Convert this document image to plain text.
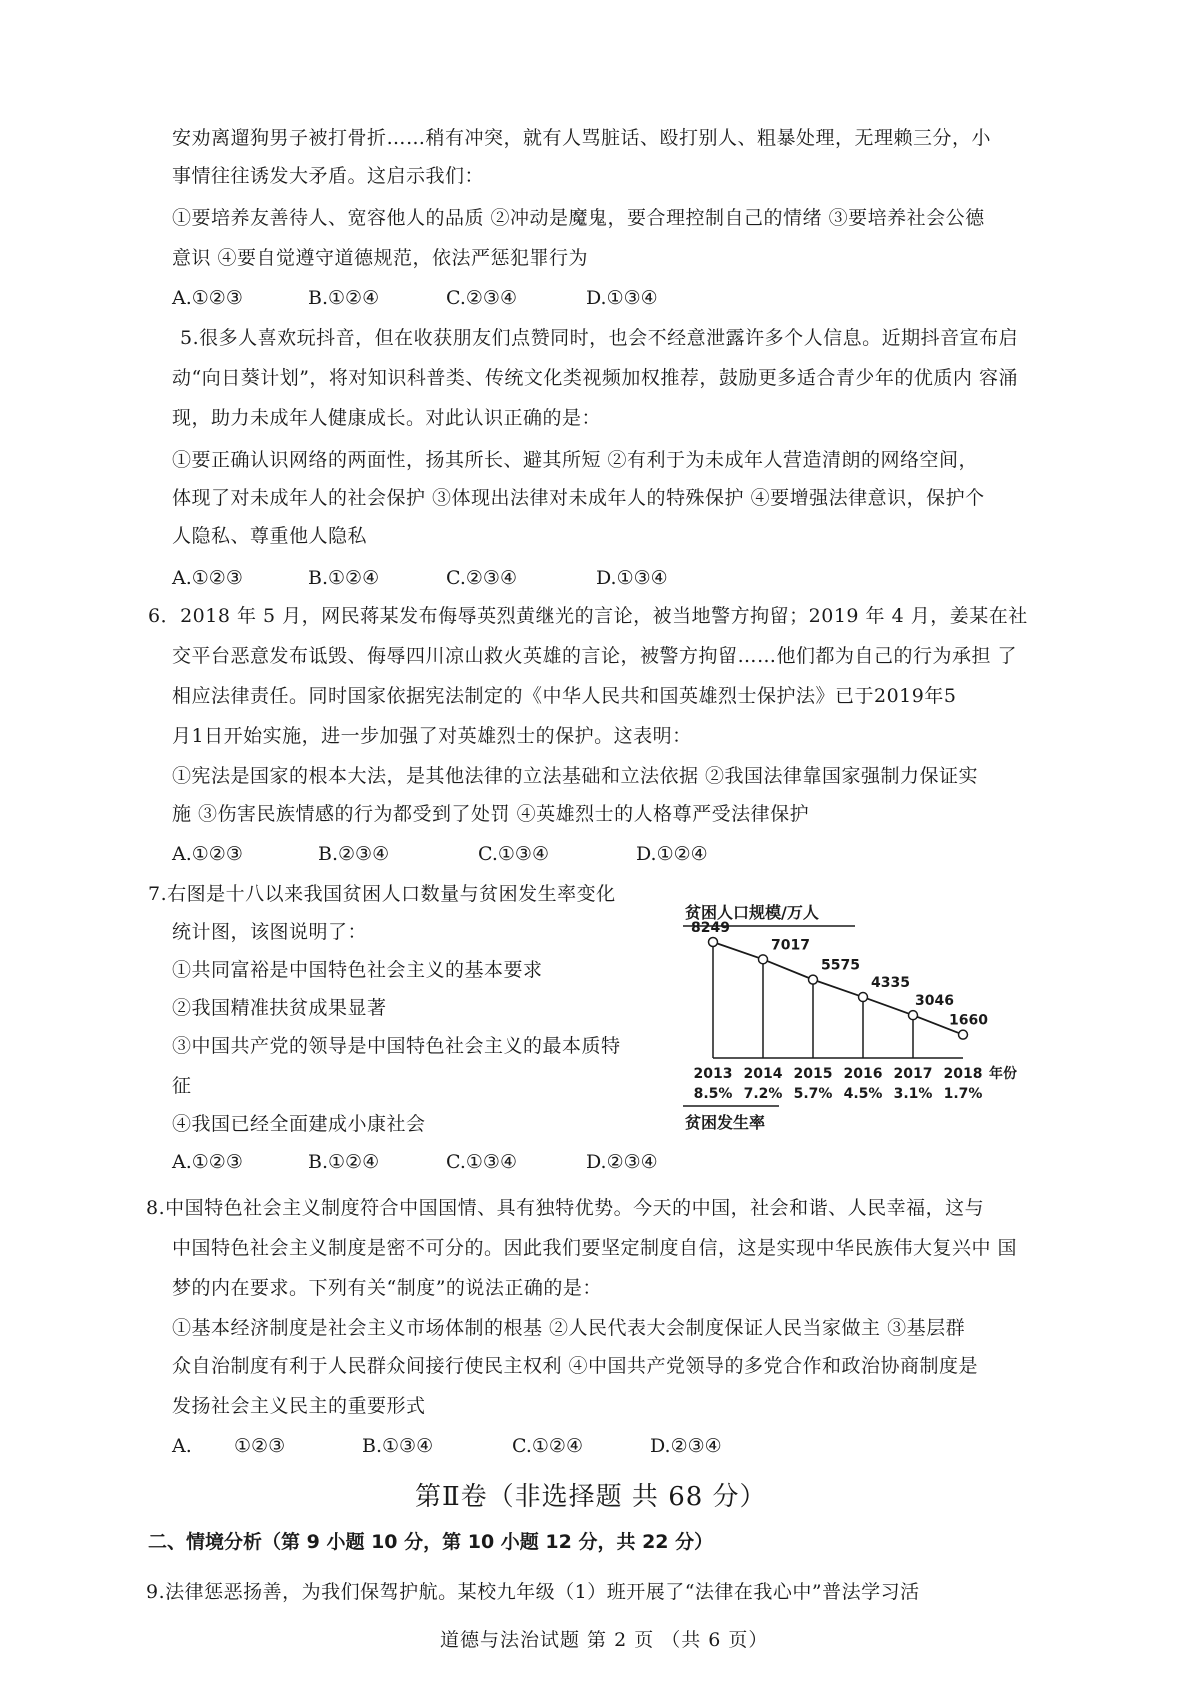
安劝离遛狗男子被打骨折……稍有冲突，就有人骂脏话、殴打别人、粗暴处理，无理赖三分，小
事情往往诱发大矛盾。这启示我们：
①要培养友善待人、宽容他人的品质 ②冲动是魔鬼，要合理控制自己的情绪 ③要培养社会公德
意识 ④要自觉遵守道德规范，依法严惩犯罪行为
A.①②③	B.①②④	C.②③④	D.①③④
5.很多人喜欢玩抖音，但在收获朋友们点赞同时，也会不经意泄露许多个人信息。近期抖音宣布启
动“向日葵计划”，将对知识科普类、传统文化类视频加权推荐，鼓励更多适合青少年的优质内 容涌
现，助力未成年人健康成长。对此认识正确的是：
①要正确认识网络的两面性，扬其所长、避其所短 ②有利于为未成年人营造清朗的网络空间，
体现了对未成年人的社会保护 ③体现出法律对未成年人的特殊保护 ④要增强法律意识，保护个
人隐私、尊重他人隐私
A.①②③	B.①②④	C.②③④	D.①③④
6．2018 年 5 月，网民蒋某发布侮辱英烈黄继光的言论，被当地警方拘留；2019 年 4 月，姜某在社
交平台恶意发布诋毁、侮辱四川凉山救火英雄的言论，被警方拘留……他们都为自己的行为承担 了
相应法律责任。同时国家依据宪法制定的《中华人民共和国英雄烈士保护法》已于2019年5
月1日开始实施，进一步加强了对英雄烈士的保护。这表明：
①宪法是国家的根本大法，是其他法律的立法基础和立法依据 ②我国法律靠国家强制力保证实
施 ③伤害民族情感的行为都受到了处罚 ④英雄烈士的人格尊严受法律保护
A.①②③	B.②③④	C.①③④	D.①②④
7.右图是十八以来我国贫困人口数量与贫困发生率变化
统计图，该图说明了：
①共同富裕是中国特色社会主义的基本要求
②我国精准扶贫成果显著
③中国共产党的领导是中国特色社会主义的最本质特
征
④我国已经全面建成小康社会
A.①②③	B.①②④	C.①③④	D.②③④
贫困人口规模/万人
8249
7017
5575
4335
3046
1660
2013 2014 2015 2016 2017 2018 年份
8.5% 7.2% 5.7% 4.5% 3.1% 1.7%
贫困发生率
8.中国特色社会主义制度符合中国国情、具有独特优势。今天的中国，社会和谐、人民幸福，这与
中国特色社会主义制度是密不可分的。因此我们要坚定制度自信，这是实现中华民族伟大复兴中 国
梦的内在要求。下列有关“制度”的说法正确的是：
①基本经济制度是社会主义市场体制的根基 ②人民代表大会制度保证人民当家做主 ③基层群
众自治制度有利于人民群众间接行使民主权利 ④中国共产党领导的多党合作和政治协商制度是
发扬社会主义民主的重要形式
A. ①②③	B.①③④	C.①②④	D.②③④
第Ⅱ卷（非选择题 共 68 分）
二、情境分析（第 9 小题 10 分，第 10 小题 12 分，共 22 分）
9.法律惩恶扬善，为我们保驾护航。某校九年级（1）班开展了“法律在我心中”普法学习活
道德与法治试题 第 2 页 （共 6 页）
